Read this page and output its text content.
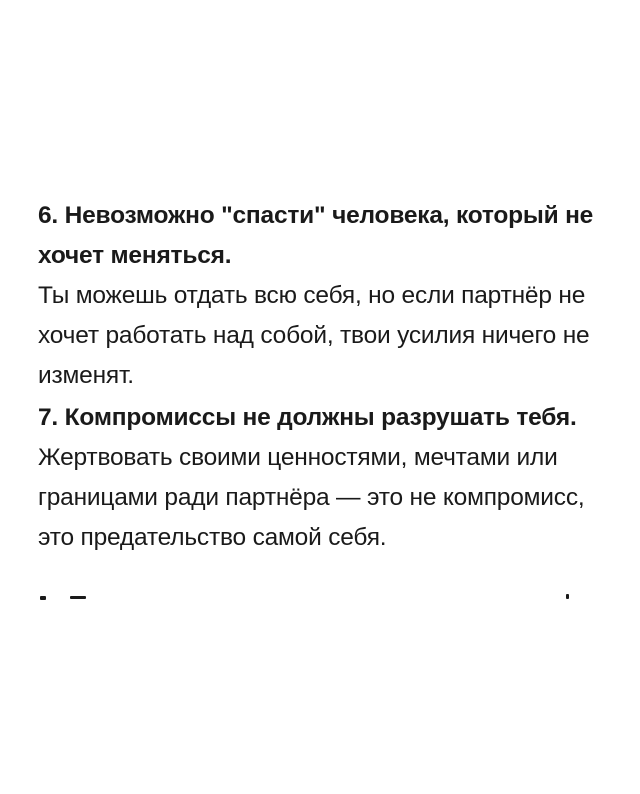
6. Невозможно "спасти" человека, который не хочет меняться.

Ты можешь отдать всю себя, но если партнёр не хочет работать над собой, твои усилия ничего не изменят.

7. Компромиссы не должны разрушать тебя.

Жертвовать своими ценностями, мечтами или границами ради партнёра — это не компромисс, это предательство самой себя.
